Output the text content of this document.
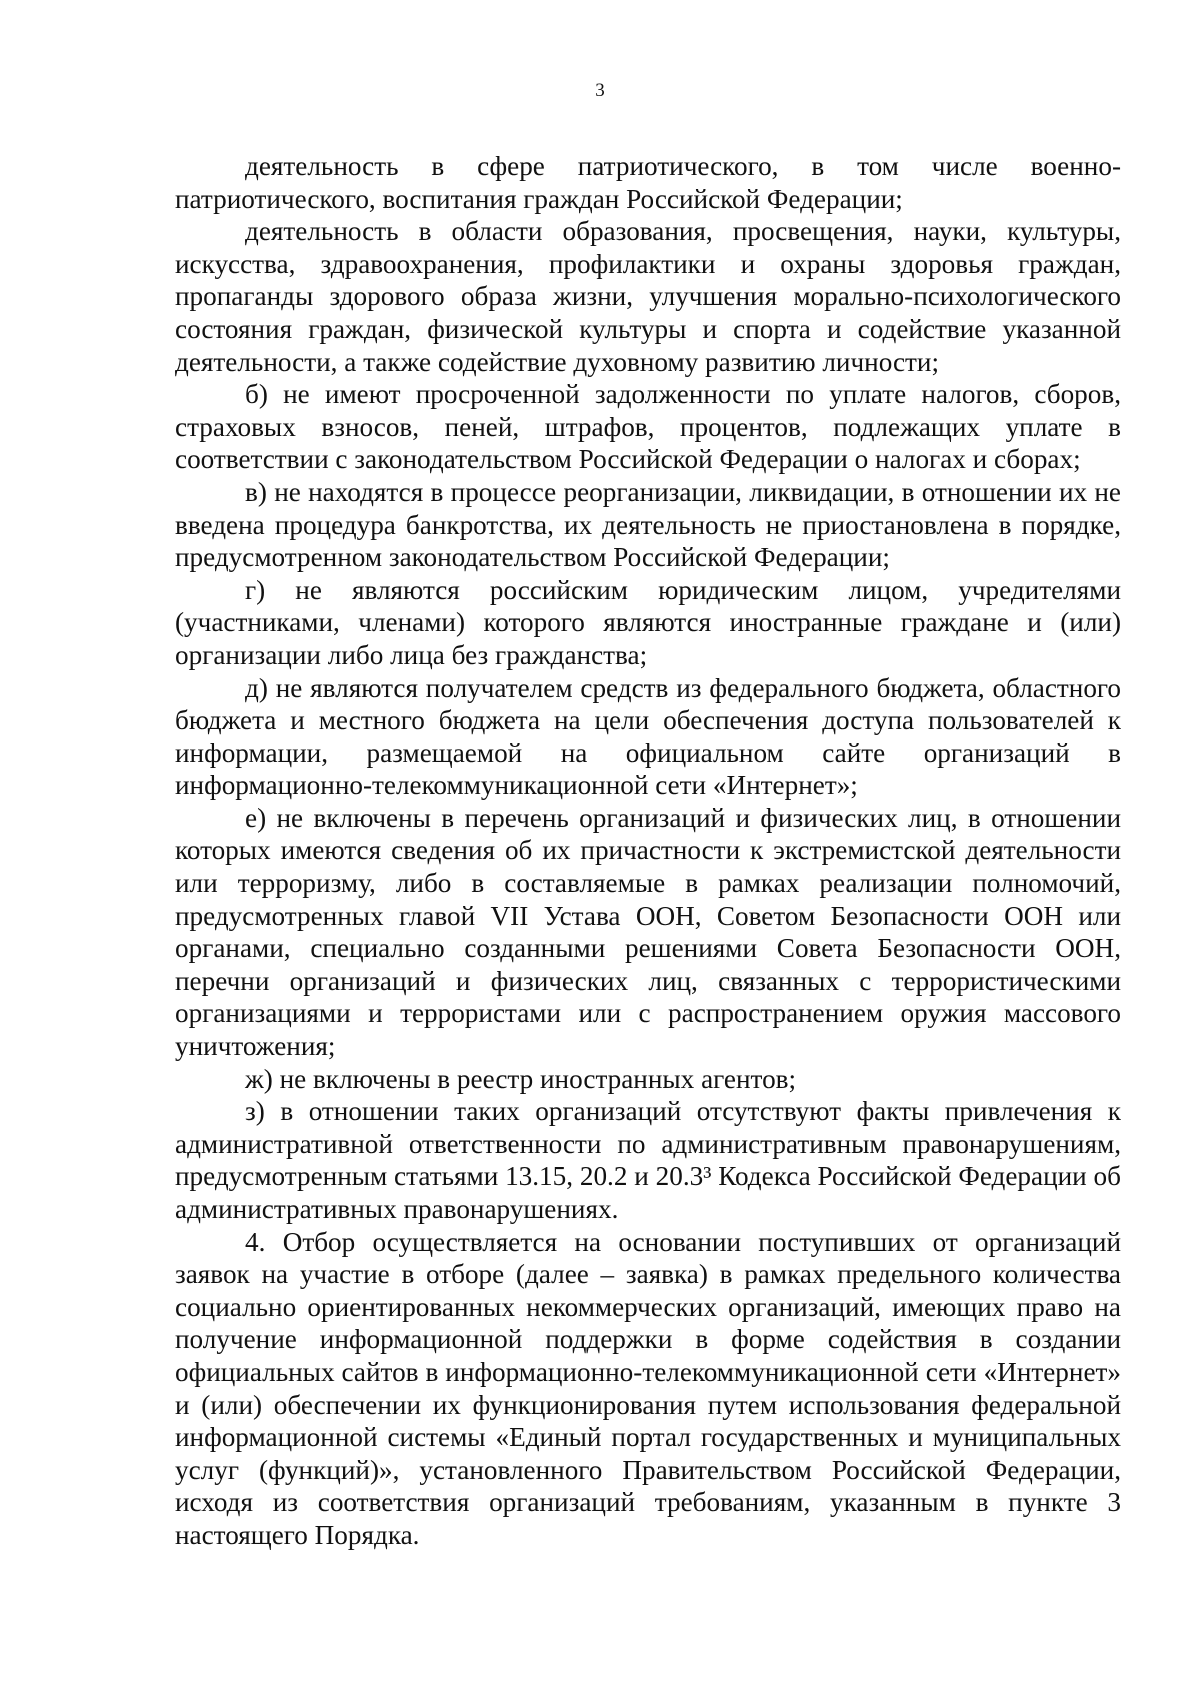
3

деятельность в сфере патриотического, в том числе военно-патриотического, воспитания граждан Российской Федерации;

деятельность в области образования, просвещения, науки, культуры, искусства, здравоохранения, профилактики и охраны здоровья граждан, пропаганды здорового образа жизни, улучшения морально-психологического состояния граждан, физической культуры и спорта и содействие указанной деятельности, а также содействие духовному развитию личности;

б) не имеют просроченной задолженности по уплате налогов, сборов, страховых взносов, пеней, штрафов, процентов, подлежащих уплате в соответствии с законодательством Российской Федерации о налогах и сборах;

в) не находятся в процессе реорганизации, ликвидации, в отношении их не введена процедура банкротства, их деятельность не приостановлена в порядке, предусмотренном законодательством Российской Федерации;

г) не являются российским юридическим лицом, учредителями (участниками, членами) которого являются иностранные граждане и (или) организации либо лица без гражданства;

д) не являются получателем средств из федерального бюджета, областного бюджета и местного бюджета на цели обеспечения доступа пользователей к информации, размещаемой на официальном сайте организаций в информационно-телекоммуникационной сети «Интернет»;

е) не включены в перечень организаций и физических лиц, в отношении которых имеются сведения об их причастности к экстремистской деятельности или терроризму, либо в составляемые в рамках реализации полномочий, предусмотренных главой VII Устава ООН, Советом Безопасности ООН или органами, специально созданными решениями Совета Безопасности ООН, перечни организаций и физических лиц, связанных с террористическими организациями и террористами или с распространением оружия массового уничтожения;

ж) не включены в реестр иностранных агентов;

з) в отношении таких организаций отсутствуют факты привлечения к административной ответственности по административным правонарушениям, предусмотренным статьями 13.15, 20.2 и 20.3³ Кодекса Российской Федерации об административных правонарушениях.

4. Отбор осуществляется на основании поступивших от организаций заявок на участие в отборе (далее – заявка) в рамках предельного количества социально ориентированных некоммерческих организаций, имеющих право на получение информационной поддержки в форме содействия в создании официальных сайтов в информационно-телекоммуникационной сети «Интернет» и (или) обеспечении их функционирования путем использования федеральной информационной системы «Единый портал государственных и муниципальных услуг (функций)», установленного Правительством Российской Федерации, исходя из соответствия организаций требованиям, указанным в пункте 3 настоящего Порядка.
